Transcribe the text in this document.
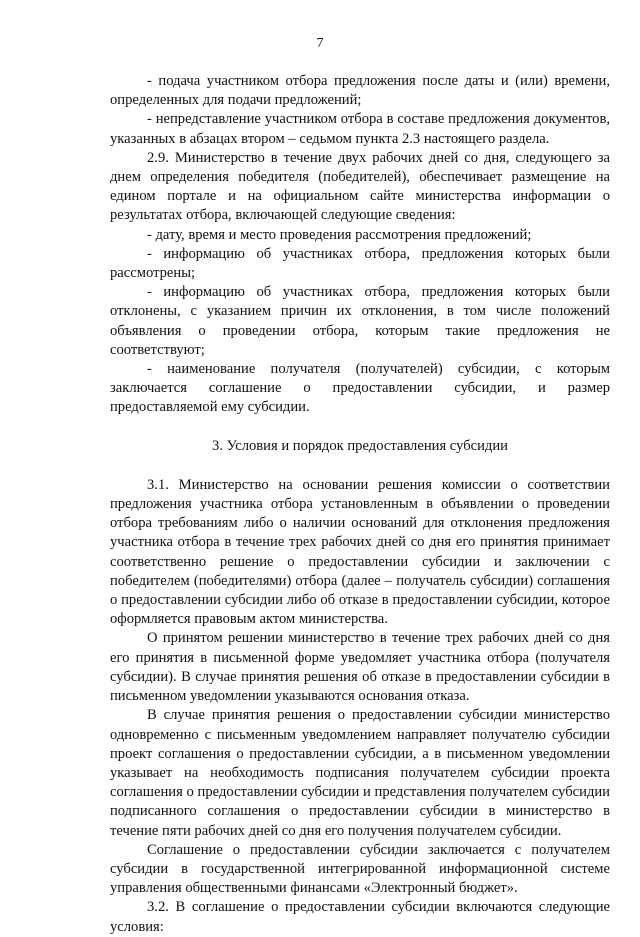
7

- подача участником отбора предложения после даты и (или) времени, определенных для подачи предложений;

- непредставление участником отбора в составе предложения документов, указанных в абзацах втором – седьмом пункта 2.3 настоящего раздела.

2.9. Министерство в течение двух рабочих дней со дня, следующего за днем определения победителя (победителей), обеспечивает размещение на едином портале и на официальном сайте министерства информации о результатах отбора, включающей следующие сведения:

- дату, время и место проведения рассмотрения предложений;

- информацию об участниках отбора, предложения которых были рассмотрены;

- информацию об участниках отбора, предложения которых были отклонены, с указанием причин их отклонения, в том числе положений объявления о проведении отбора, которым такие предложения не соответствуют;

- наименование получателя (получателей) субсидии, с которым заключается соглашение о предоставлении субсидии, и размер предоставляемой ему субсидии.

3. Условия и порядок предоставления субсидии

3.1. Министерство на основании решения комиссии о соответствии предложения участника отбора установленным в объявлении о проведении отбора требованиям либо о наличии оснований для отклонения предложения участника отбора в течение трех рабочих дней со дня его принятия принимает соответственно решение о предоставлении субсидии и заключении с победителем (победителями) отбора (далее – получатель субсидии) соглашения о предоставлении субсидии либо об отказе в предоставлении субсидии, которое оформляется правовым актом министерства.

О принятом решении министерство в течение трех рабочих дней со дня его принятия в письменной форме уведомляет участника отбора (получателя субсидии). В случае принятия решения об отказе в предоставлении субсидии в письменном уведомлении указываются основания отказа.

В случае принятия решения о предоставлении субсидии министерство одновременно с письменным уведомлением направляет получателю субсидии проект соглашения о предоставлении субсидии, а в письменном уведомлении указывает на необходимость подписания получателем субсидии проекта соглашения о предоставлении субсидии и представления получателем субсидии подписанного соглашения о предоставлении субсидии в министерство в течение пяти рабочих дней со дня его получения получателем субсидии.

Соглашение о предоставлении субсидии заключается с получателем субсидии в государственной интегрированной информационной системе управления общественными финансами «Электронный бюджет».

3.2. В соглашение о предоставлении субсидии включаются следующие условия:
